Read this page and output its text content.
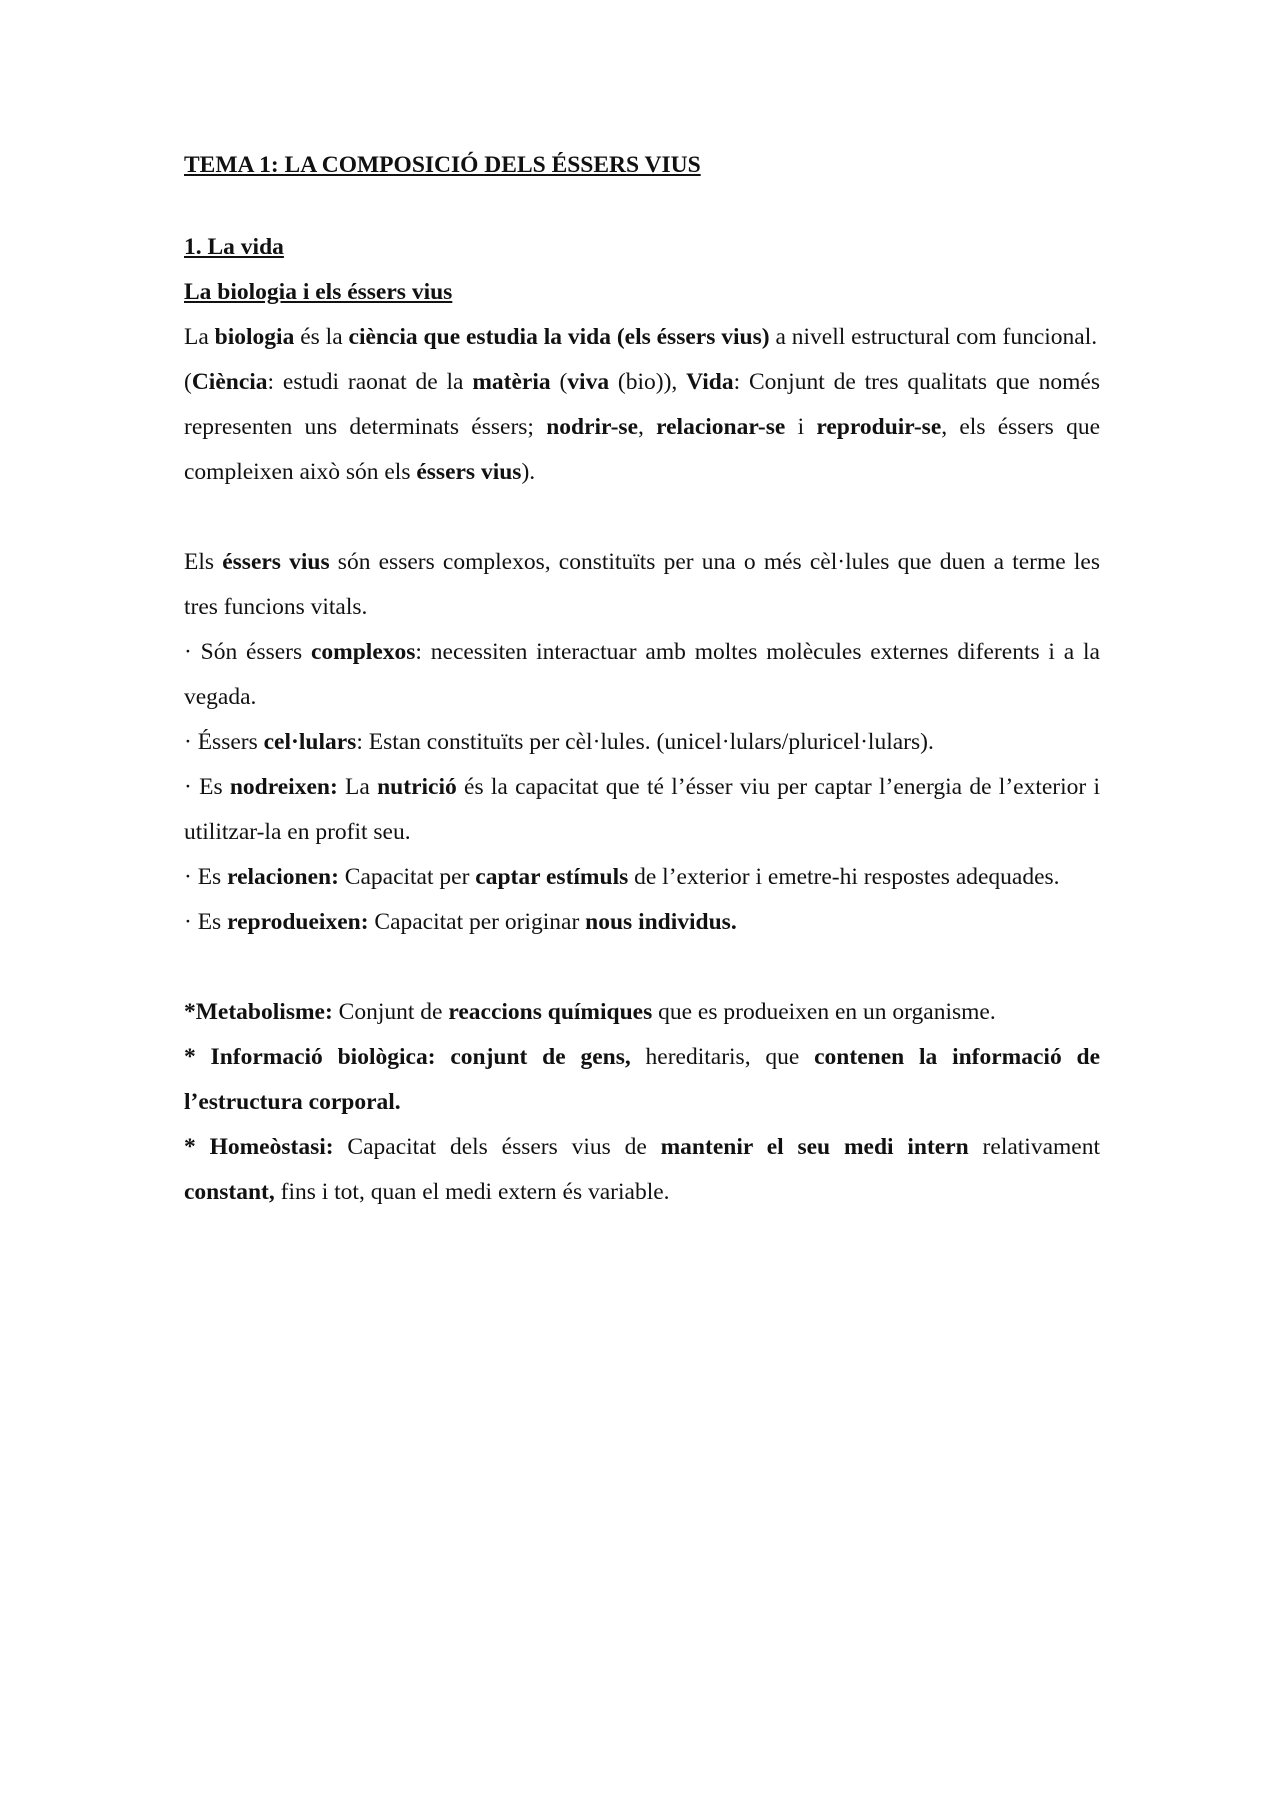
TEMA 1: LA COMPOSICIÓ DELS ÉSSERS VIUS
1. La vida
La biologia i els éssers vius

La biologia és la ciència que estudia la vida (els éssers vius) a nivell estructural com funcional.

(Ciència: estudi raonat de la matèria (viva (bio)), Vida: Conjunt de tres qualitats que només representen uns determinats éssers; nodrir-se, relacionar-se i reproduir-se, els éssers que compleixen això són els éssers vius).

Els éssers vius són essers complexos, constituïts per una o més cèl·lules que duen a terme les tres funcions vitals.

· Són éssers complexos: necessiten interactuar amb moltes molècules externes diferents i a la vegada.

· Éssers cel·lulars: Estan constituïts per cèl·lules. (unicel·lulars/pluricel·lulars).

· Es nodreixen: La nutrició és la capacitat que té l’ésser viu per captar l’energia de l’exterior i utilitzar-la en profit seu.

· Es relacionen: Capacitat per captar estímuls de l’exterior i emetre-hi respostes adequades.

· Es reprodueixen: Capacitat per originar nous individus.

*Metabolisme: Conjunt de reaccions químiques que es produeixen en un organisme.

* Informació biològica: conjunt de gens, hereditaris, que contenen la informació de l’estructura corporal.

* Homeòstasi: Capacitat dels éssers vius de mantenir el seu medi intern relativament constant, fins i tot, quan el medi extern és variable.
